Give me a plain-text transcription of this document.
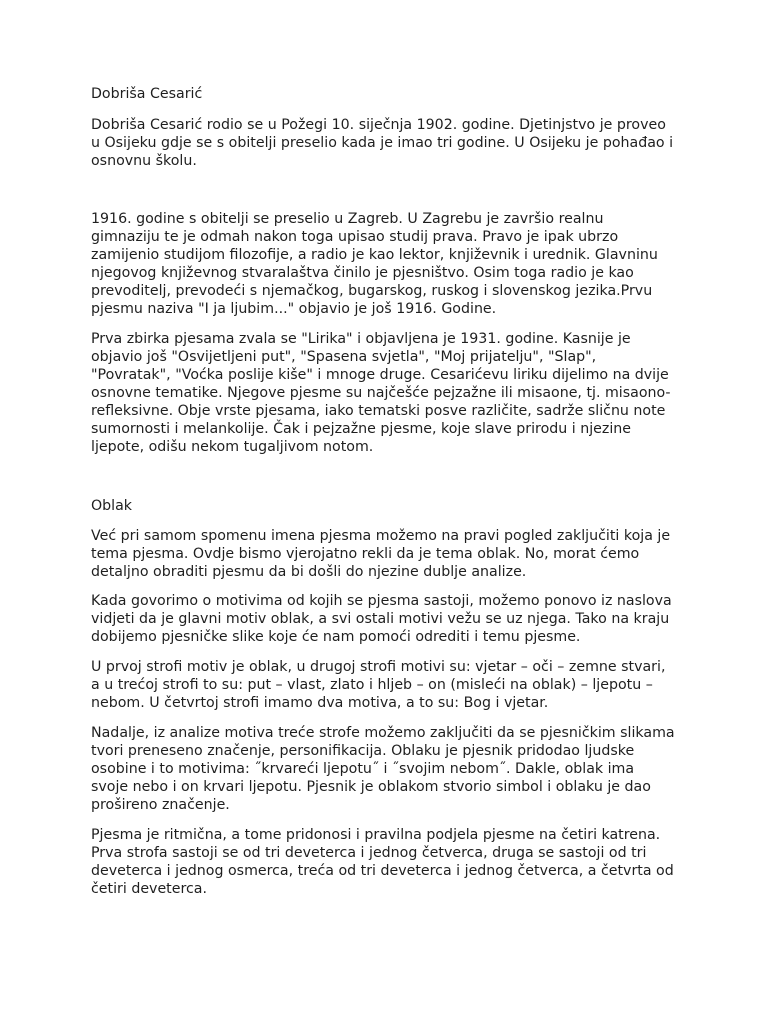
Dobriša Cesarić

Dobriša Cesarić rodio se u Požegi 10. siječnja 1902. godine. Djetinjstvo je proveo

u Osijeku gdje se s obitelji preselio kada je imao tri godine. U Osijeku je pohađao i

osnovnu školu.

1916. godine s obitelji se preselio u Zagreb. U Zagrebu je završio realnu

gimnaziju te je odmah nakon toga upisao studij prava. Pravo je ipak ubrzo

zamijenio studijom filozofije, a radio je kao lektor, književnik i urednik. Glavninu

njegovog književnog stvaralaštva činilo je pjesništvo. Osim toga radio je kao

prevoditelj, prevodeći s njemačkog, bugarskog, ruskog i slovenskog jezika.Prvu

pjesmu naziva "I ja ljubim..." objavio je još 1916. Godine.

Prva zbirka pjesama zvala se "Lirika" i objavljena je 1931. godine. Kasnije je

objavio još "Osvijetljeni put", "Spasena svjetla", "Moj prijatelju", "Slap",

"Povratak", "Voćka poslije kiše" i mnoge druge. Cesarićevu liriku dijelimo na dvije

osnovne tematike. Njegove pjesme su najčešće pejzažne ili misaone, tj. misaono-

refleksivne. Obje vrste pjesama, iako tematski posve različite, sadrže sličnu note

sumornosti i melankolije. Čak i pejzažne pjesme, koje slave prirodu i njezine

ljepote, odišu nekom tugaljivom notom.

Oblak

Već pri samom spomenu imena pjesma možemo na pravi pogled zaključiti koja je

tema pjesma. Ovdje bismo vjerojatno rekli da je tema oblak. No, morat ćemo

detaljno obraditi pjesmu da bi došli do njezine dublje analize.

Kada govorimo o motivima od kojih se pjesma sastoji, možemo ponovo iz naslova

vidjeti da je glavni motiv oblak, a svi ostali motivi vežu se uz njega. Tako na kraju

dobijemo pjesničke slike koje će nam pomoći odrediti i temu pjesme.

U prvoj strofi motiv je oblak, u drugoj strofi motivi su: vjetar – oči – zemne stvari,

a u trećoj strofi to su: put – vlast, zlato i hljeb – on (misleći na oblak) – ljepotu –

nebom. U četvrtoj strofi imamo dva motiva, a to su: Bog i vjetar.

Nadalje, iz analize motiva treće strofe možemo zaključiti da se pjesničkim slikama

tvori preneseno značenje, personifikacija. Oblaku je pjesnik pridodao ljudske

osobine i to motivima: ˝krvareći ljepotu˝ i ˝svojim nebom˝. Dakle, oblak ima

svoje nebo i on krvari ljepotu. Pjesnik je oblakom stvorio simbol i oblaku je dao

prošireno značenje.

Pjesma je ritmična, a tome pridonosi i pravilna podjela pjesme na četiri katrena.

Prva strofa sastoji se od tri deveterca i jednog četverca, druga se sastoji od tri

deveterca i jednog osmerca, treća od tri deveterca i jednog četverca, a četvrta od

četiri deveterca.
